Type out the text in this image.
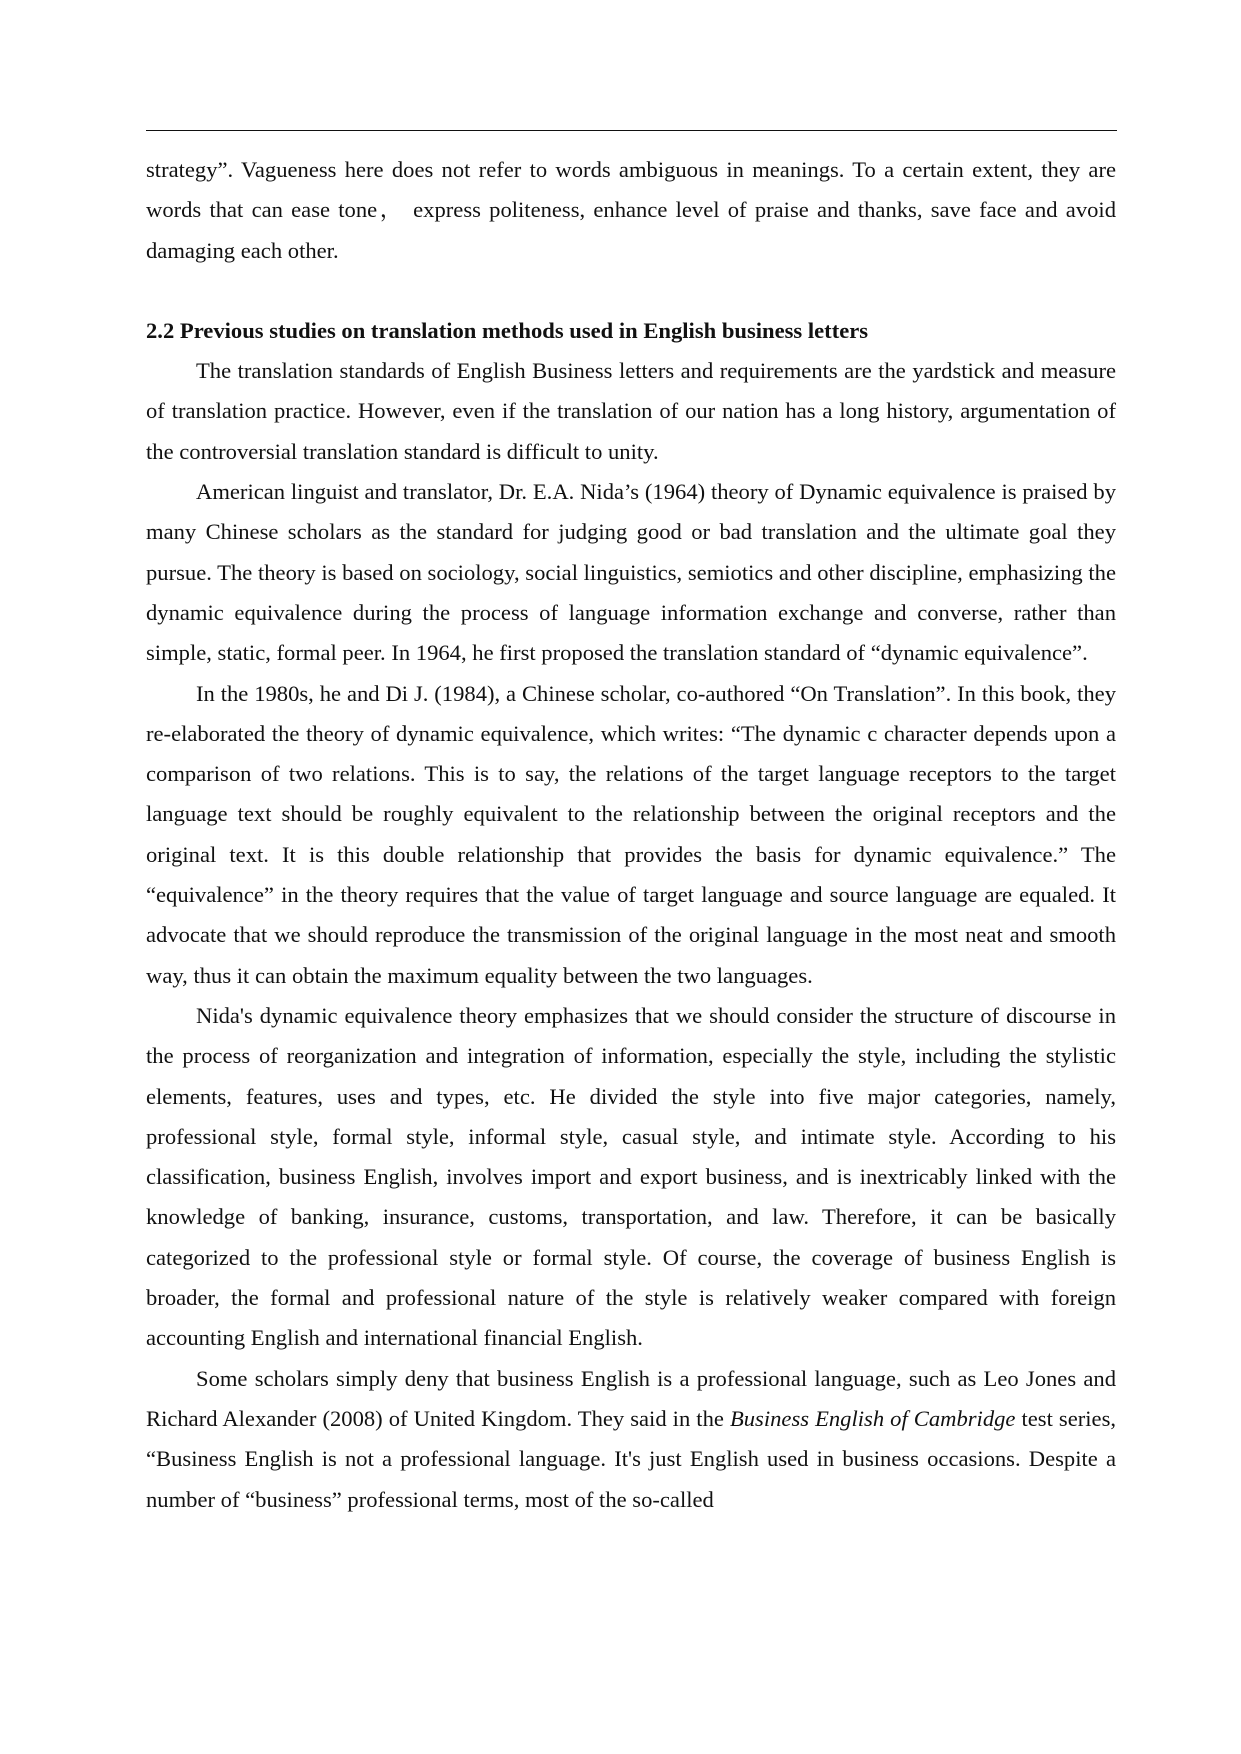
strategy”. Vagueness here does not refer to words ambiguous in meanings. To a certain extent, they are words that can ease tone， express politeness, enhance level of praise and thanks, save face and avoid damaging each other.

2.2 Previous studies on translation methods used in English business letters

The translation standards of English Business letters and requirements are the yardstick and measure of translation practice. However, even if the translation of our nation has a long history, argumentation of the controversial translation standard is difficult to unity.

American linguist and translator, Dr. E.A. Nida’s (1964) theory of Dynamic equivalence is praised by many Chinese scholars as the standard for judging good or bad translation and the ultimate goal they pursue. The theory is based on sociology, social linguistics, semiotics and other discipline, emphasizing the dynamic equivalence during the process of language information exchange and converse, rather than simple, static, formal peer. In 1964, he first proposed the translation standard of “dynamic equivalence”.

In the 1980s, he and Di J. (1984), a Chinese scholar, co-authored “On Translation”. In this book, they re-elaborated the theory of dynamic equivalence, which writes: “The dynamic c character depends upon a comparison of two relations. This is to say, the relations of the target language receptors to the target language text should be roughly equivalent to the relationship between the original receptors and the original text. It is this double relationship that provides the basis for dynamic equivalence.” The “equivalence” in the theory requires that the value of target language and source language are equaled. It advocate that we should reproduce the transmission of the original language in the most neat and smooth way, thus it can obtain the maximum equality between the two languages.

Nida's dynamic equivalence theory emphasizes that we should consider the structure of discourse in the process of reorganization and integration of information, especially the style, including the stylistic elements, features, uses and types, etc. He divided the style into five major categories, namely, professional style, formal style, informal style, casual style, and intimate style. According to his classification, business English, involves import and export business, and is inextricably linked with the knowledge of banking, insurance, customs, transportation, and law. Therefore, it can be basically categorized to the professional style or formal style. Of course, the coverage of business English is broader, the formal and professional nature of the style is relatively weaker compared with foreign accounting English and international financial English.

Some scholars simply deny that business English is a professional language, such as Leo Jones and Richard Alexander (2008) of United Kingdom. They said in the Business English of Cambridge test series, “Business English is not a professional language. It's just English used in business occasions. Despite a number of “business” professional terms, most of the so-called
